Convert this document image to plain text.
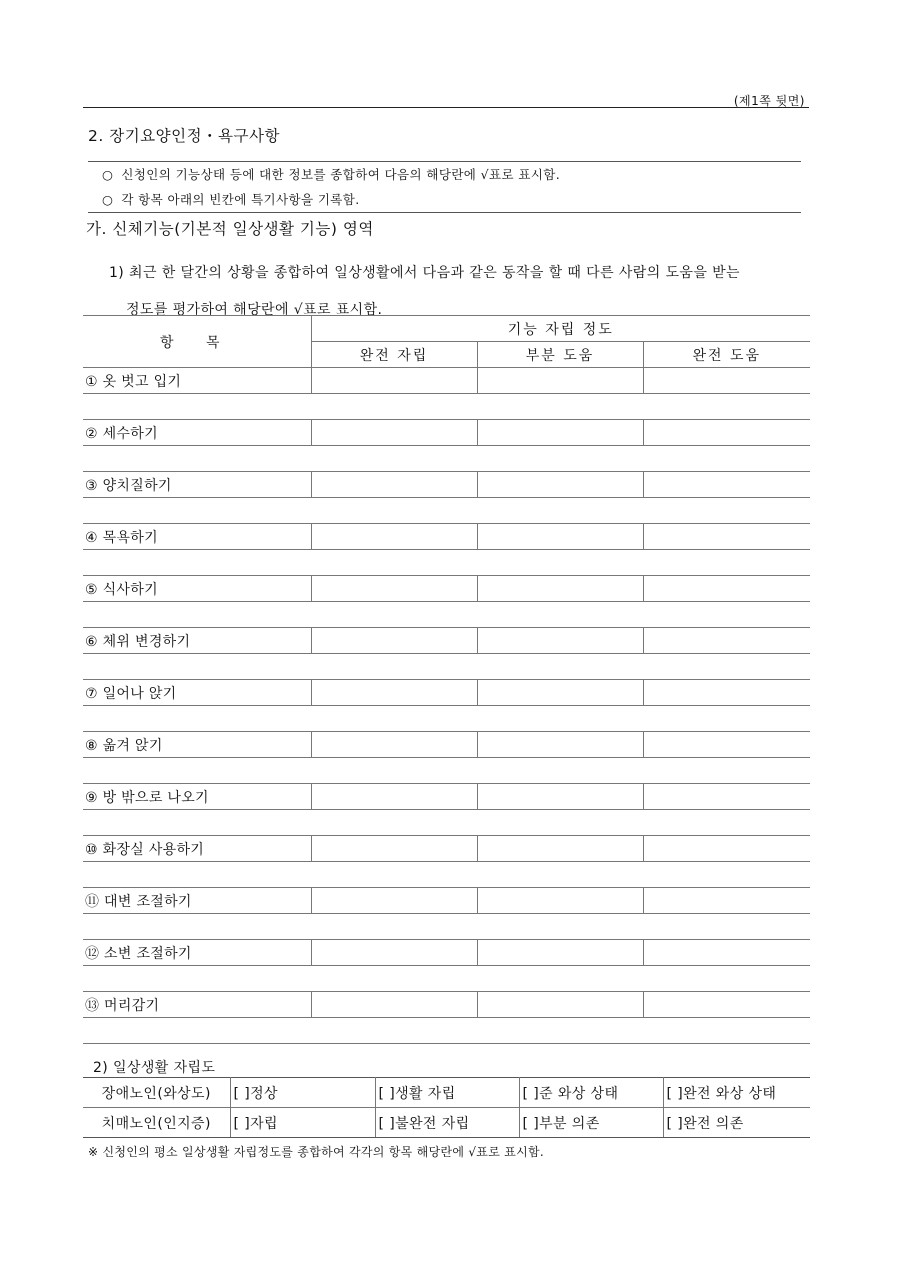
(제1쪽 뒷면)
2. 장기요양인정・욕구사항
○ 신청인의 기능상태 등에 대한 정보를 종합하여 다음의 해당란에 √표로 표시함.
○ 각 항목 아래의 빈칸에 특기사항을 기록함.
가. 신체기능(기본적 일상생활 기능) 영역
1) 최근 한 달간의 상황을 종합하여 일상생활에서 다음과 같은 동작을 할 때 다른 사람의 도움을 받는
정도를 평가하여 해당란에 √표로 표시함.
항 목	기능 자립 정도		
	완전 자립	부분 도움	완전 도움
① 옷 벗고 입기			

② 세수하기			

③ 양치질하기			

④ 목욕하기			

⑤ 식사하기			

⑥ 체위 변경하기			

⑦ 일어나 앉기			

⑧ 옮겨 앉기			

⑨ 방 밖으로 나오기			

⑩ 화장실 사용하기			

⑪ 대변 조절하기			

⑫ 소변 조절하기			

⑬ 머리감기			

2) 일상생활 자립도
장애노인(와상도)	[ ]정상	[ ]생활 자립	[ ]준 와상 상태	[ ]완전 와상 상태
치매노인(인지증)	[ ]자립	[ ]불완전 자립	[ ]부분 의존	[ ]완전 의존
※ 신청인의 평소 일상생활 자립정도를 종합하여 각각의 항목 해당란에 √표로 표시함.
